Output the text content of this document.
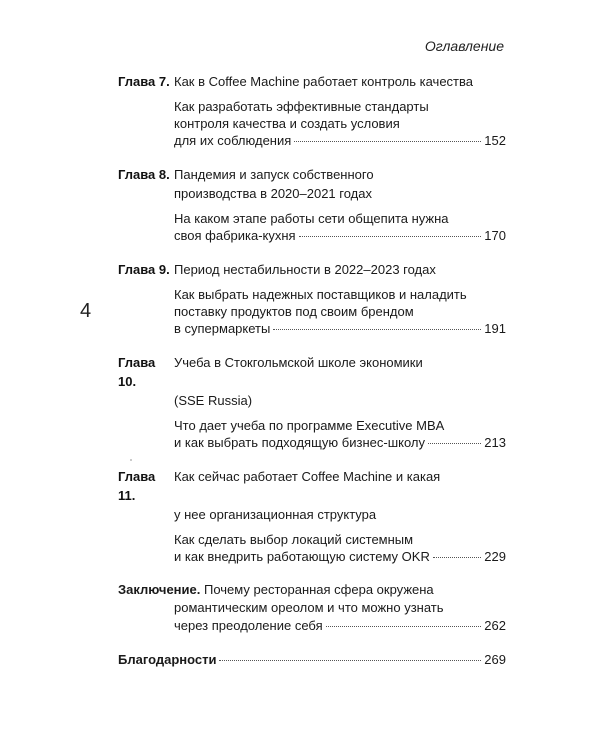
Оглавление
4
Глава 7. Как в Coffee Machine работает контроль качества
Как разработать эффективные стандарты
контроля качества и создать условия
для их соблюдения	152
Глава 8. Пандемия и запуск собственного
производства в 2020–2021 годах
На каком этапе работы сети общепита нужна
своя фабрика-кухня	170
Глава 9. Период нестабильности в 2022–2023 годах
Как выбрать надежных поставщиков и наладить
поставку продуктов под своим брендом
в супермаркеты	191
Глава 10.
Учеба в Стокгольмской школе экономики
(SSE Russia)
Что дает учеба по программе Executive MBA
и как выбрать подходящую бизнес-школу	213
Глава 11.
Как сейчас работает Coffee Machine и какая
у нее организационная структура
Как сделать выбор локаций системным
и как внедрить работающую систему OKR	229
Заключение.
Почему ресторанная сфера окружена
романтическим ореолом и что можно узнать
через преодоление себя	262
Благодарности	269
